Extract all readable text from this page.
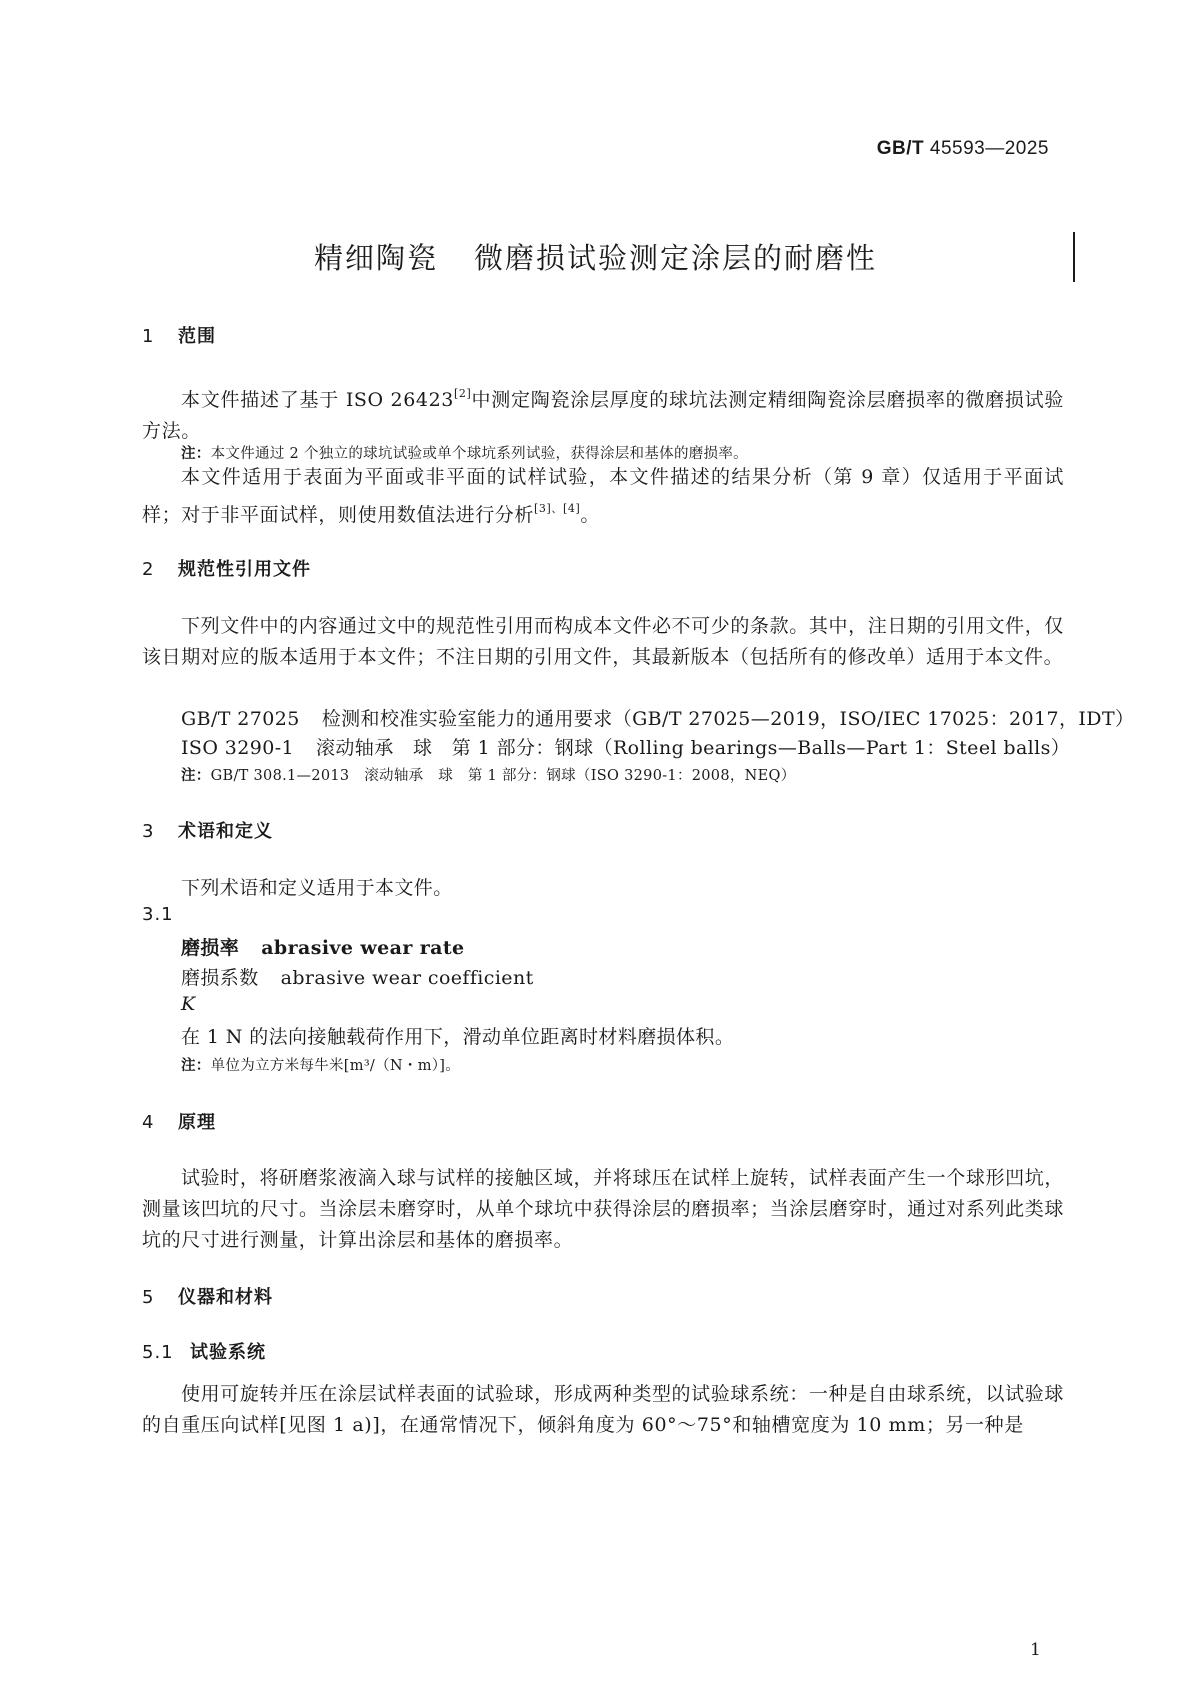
GB/T 45593—2025
精细陶瓷 微磨损试验测定涂层的耐磨性
1 范围
本文件描述了基于 ISO 26423[2]中测定陶瓷涂层厚度的球坑法测定精细陶瓷涂层磨损率的微磨损试验方法。
注：本文件通过 2 个独立的球坑试验或单个球坑系列试验，获得涂层和基体的磨损率。
本文件适用于表面为平面或非平面的试样试验，本文件描述的结果分析（第 9 章）仅适用于平面试样；对于非平面试样，则使用数值法进行分析[3]、[4]。
2 规范性引用文件
下列文件中的内容通过文中的规范性引用而构成本文件必不可少的条款。其中，注日期的引用文件，仅该日期对应的版本适用于本文件；不注日期的引用文件，其最新版本（包括所有的修改单）适用于本文件。
GB/T 27025 检测和校准实验室能力的通用要求（GB/T 27025—2019，ISO/IEC 17025：2017，IDT）
ISO 3290-1 滚动轴承　球　第 1 部分：钢球（Rolling bearings—Balls—Part 1：Steel balls）
注：GB/T 308.1—2013　滚动轴承　球　第 1 部分：钢球（ISO 3290-1：2008，NEQ）
3 术语和定义
下列术语和定义适用于本文件。
3.1
磨损率 abrasive wear rate
磨损系数 abrasive wear coefficient
K
在 1 N 的法向接触载荷作用下，滑动单位距离时材料磨损体积。
注：单位为立方米每牛米[m³/（N・m）]。
4 原理
试验时，将研磨浆液滴入球与试样的接触区域，并将球压在试样上旋转，试样表面产生一个球形凹坑，测量该凹坑的尺寸。当涂层未磨穿时，从单个球坑中获得涂层的磨损率；当涂层磨穿时，通过对系列此类球坑的尺寸进行测量，计算出涂层和基体的磨损率。
5 仪器和材料
5.1 试验系统
使用可旋转并压在涂层试样表面的试验球，形成两种类型的试验球系统：一种是自由球系统，以试验球的自重压向试样[见图 1 a)]，在通常情况下，倾斜角度为 60°～75°和轴槽宽度为 10 mm；另一种是
1
